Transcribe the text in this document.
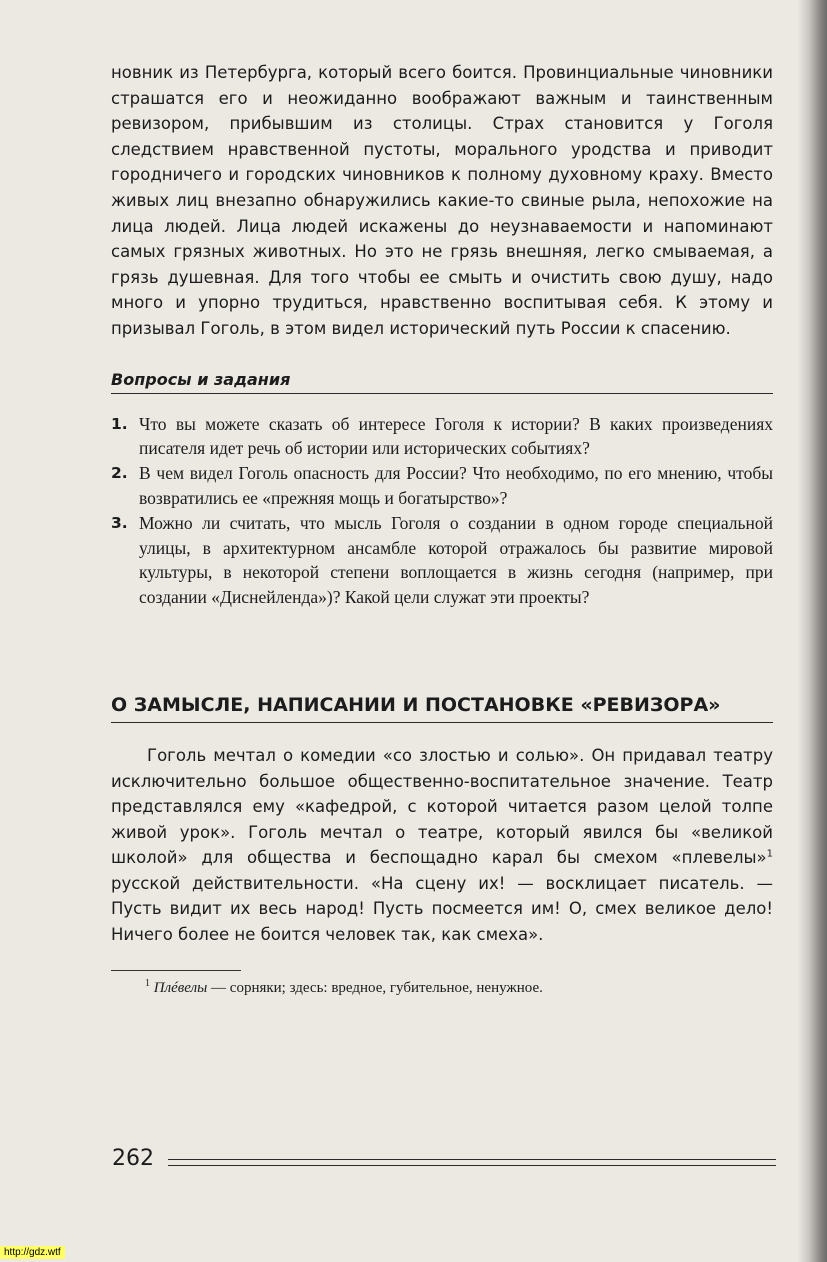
новник из Петербурга, который всего боится. Провинциальные чиновники страшатся его и неожиданно воображают важным и таинственным ревизором, прибывшим из столицы. Страх становится у Гоголя следствием нравственной пустоты, морального уродства и приводит городничего и городских чиновников к полному духовному краху. Вместо живых лиц внезапно обнаружились какие-то свиные рыла, непохожие на лица людей. Лица людей искажены до неузнаваемости и напоминают самых грязных животных. Но это не грязь внешняя, легко смываемая, а грязь душевная. Для того чтобы ее смыть и очистить свою душу, надо много и упорно трудиться, нравственно воспитывая себя. К этому и призывал Гоголь, в этом видел исторический путь России к спасению.

Вопросы и задания
1. Что вы можете сказать об интересе Гоголя к истории? В каких произведениях писателя идет речь об истории или исторических событиях?
2. В чем видел Гоголь опасность для России? Что необходимо, по его мнению, чтобы возвратились ее «прежняя мощь и богатырство»?
3. Можно ли считать, что мысль Гоголя о создании в одном городе специальной улицы, в архитектурном ансамбле которой отражалось бы развитие мировой культуры, в некоторой степени воплощается в жизнь сегодня (например, при создании «Диснейленда»)? Какой цели служат эти проекты?
О ЗАМЫСЛЕ, НАПИСАНИИ И ПОСТАНОВКЕ «РЕВИЗОРА»

Гоголь мечтал о комедии «со злостью и солью». Он придавал театру исключительно большое общественно-воспитательное значение. Театр представлялся ему «кафедрой, с которой читается разом целой толпе живой урок». Гоголь мечтал о театре, который явился бы «великой школой» для общества и беспощадно карал бы смехом «плевелы»$^1$ русской действительности. «На сцену их! — восклицает писатель. — Пусть видит их весь народ! Пусть посмеется им! О, смех великое дело! Ничего более не боится человек так, как смеха».

$^1$ Плéвелы — сорняки; здесь: вредное, губительное, ненужное.
262
http://gdz.wtf
